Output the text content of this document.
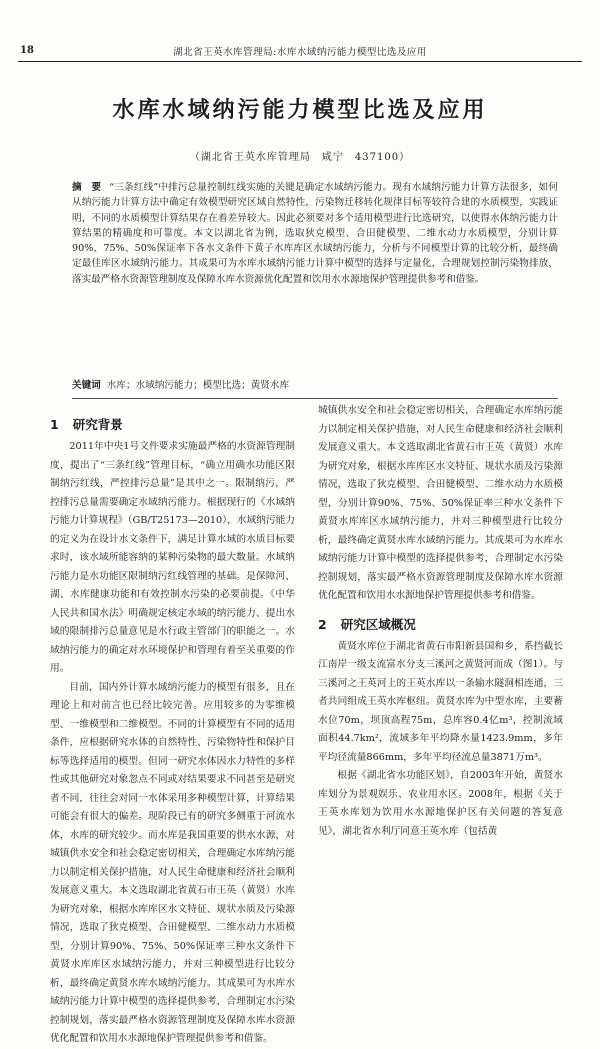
18	湖北省王英水库管理局:水库水域纳污能力模型比选及应用
水库水域纳污能力模型比选及应用
（湖北省王英水库管理局　咸宁　437100）
摘　要 “三条红线”中排污总量控制红线实施的关键是确定水域纳污能力。现有水域纳污能力计算方法很多，如何从纳污能力计算方法中确定有效模型研究区域自然特性，污染物迁移转化规律目标等较符合建的水质模型，实践证明，不同的水质模型计算结果存在着差异较大。因此必须要对多个适用模型进行比选研究，以使得水体纳污能力计算结果的精确度和可靠度。本文以湖北省为例，选取狄克模型、合田健模型、二维水动力水质模型，分别计算90%、75%、50%保证率下各水文条件下黄子水库库区水域纳污能力，分析与不同模型计算的比较分析，最终确定最佳库区水域纳污能力。其成果可为水库水域纳污能力计算中模型的选择与定量化，合理规划控制污染物排放，落实最严格水资源管理制度及保障水库水资源优化配置和饮用水水源地保护管理提供参考和借鉴。
关键词 水库；水域纳污能力；模型比选；黄贤水库
1 研究背景

2011年中央1号文件要求实施最严格的水资源管理制度，提出了“三条红线”管理目标，“确立用确水功能区限制纳污红线，严控排污总量”是其中之一。限制纳污，严控排污总量需要确定水域纳污能力。根据现行的《水域纳污能力计算规程》（GB/T25173—2010），水域纳污能力的定义为在设计水文条件下，满足计算水域的水质目标要求时，该水域所能容纳的某种污染物的最大数量。水域纳污能力是水功能区限制纳污红线管理的基础。是保障河、湖、水库健康功能和有效控制水污染的必要前提。《中华人民共和国水法》明确规定核定水域的纳污能力、提出水域的限制排污总量意见是水行政主管部门的职能之一。水域纳污能力的确定对水环境保护和管理有着至关重要的作用。

目前，国内外计算水域纳污能力的模型有很多，且在理论上和对前言也已经比较完善。应用较多的为零维模型、一维模型和二维模型。不同的计算模型有不同的适用条件，应根据研究水体的自然特性、污染物特性和保护目标等选择适用的模型。但同一研究水体因水力特性的多样性或其他研究对象忽点不同或对结果要求不同甚至是研究者不同，往往会对同一水体采用多种模型计算，计算结果可能会有很大的偏差。现阶段已有的研究多侧重于河流水体，水库的研究较少。而水库是我国重要的供水水源，对城镇供水安全和社会稳定密切相关，合理确定水库纳污能力以制定相关保护措施，对人民生命健康和经济社会顺利发展意义重大。本文选取湖北省黄石市王英（黄贤）水库为研究对象，根据水库库区水文特征、规状水质及污染源情况，选取了狄克模型、合田健模型、二维水动力水质模型，分别计算90%、75%、50%保证率三种水文条件下黄贤水库库区水域纳污能力，并对三种模型进行比较分析，最终确定黄贤水库水域纳污能力。其成果可为水库水域纳污能力计算中模型的选择提供参考，合理制定水污染控制规划，落实最严格水资源管理制度及保障水库水资源优化配置和饮用水水源地保护管理提供参考和借鉴。

城镇供水安全和社会稳定密切相关，合理确定水库纳污能力以制定相关保护措施，对人民生命健康和经济社会顺利发展意义重大。本文选取湖北省黄石市王英（黄贤）水库为研究对象，根据水库库区水文特征、规状水质及污染源情况，选取了狄克模型、合田健模型、二维水动力水质模型，分别计算90%、75%、50%保证率三种水文条件下黄贤水库库区水域纳污能力，并对三种模型进行比较分析，最终确定黄贤水库水域纳污能力。其成果可为水库水域纳污能力计算中模型的选择提供参考，合理制定水污染控制规划，落实最严格水资源管理制度及保障水库水资源优化配置和饮用水水源地保护管理提供参考和借鉴。

2 研究区域概况

黄贤水库位于湖北省黄石市阳新县国和乡，系挡截长江南岸一级支流富水分支三溪河之黄贤河而成（图1）。与三溪河之王英河上的王英水库以一条输水隧洞相连通，三者共同组成王英水库枢纽。黄贤水库为中型水库，主要蓄水位70m，坝顶高程75m，总库容0.4亿m³，控制流域面积44.7km²，流域多年平均降水量1423.9mm，多年平均径流量866mm，多年平均径流总量3871万m³。

根据《湖北省水功能区划》，自2003年开始，黄贤水库划分为景观娱乐、农业用水区。2008年，根据《关于王英水库划为饮用水水源地保护区有关问题的答复意见》，湖北省水利厅同意王英水库（包括黄
